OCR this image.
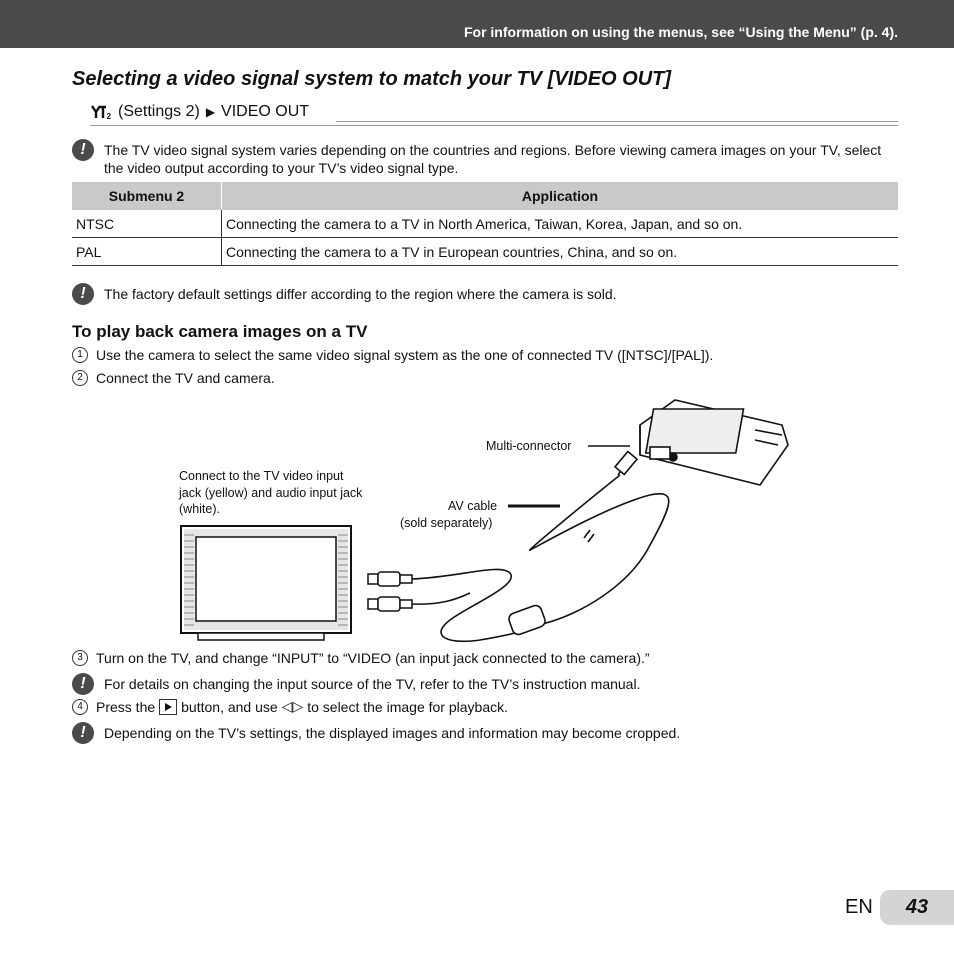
For information on using the menus, see “Using the Menu” (p. 4).
Selecting a video signal system to match your TV [VIDEO OUT]
2 (Settings 2) ▶ VIDEO OUT
!	The TV video signal system varies depending on the countries and regions. Before viewing camera images on your TV, select the video output according to your TV’s video signal type.
Submenu 2	Application
NTSC	Connecting the camera to a TV in North America, Taiwan, Korea, Japan, and so on.
PAL	Connecting the camera to a TV in European countries, China, and so on.
!	The factory default settings differ according to the region where the camera is sold.
To play back camera images on a TV
1 Use the camera to select the same video signal system as the one of connected TV ([NTSC]/[PAL]).
2 Connect the TV and camera.
Multi-connector
Connect to the TV video input jack (yellow) and audio input jack (white).	AV cable
(sold separately)
3 Turn on the TV, and change “INPUT” to “VIDEO (an input jack connected to the camera).”
!	For details on changing the input source of the TV, refer to the TV’s instruction manual.
4 Press the button, and use ◁▷ to select the image for playback.
!	Depending on the TV’s settings, the displayed images and information may become cropped.
EN	43
